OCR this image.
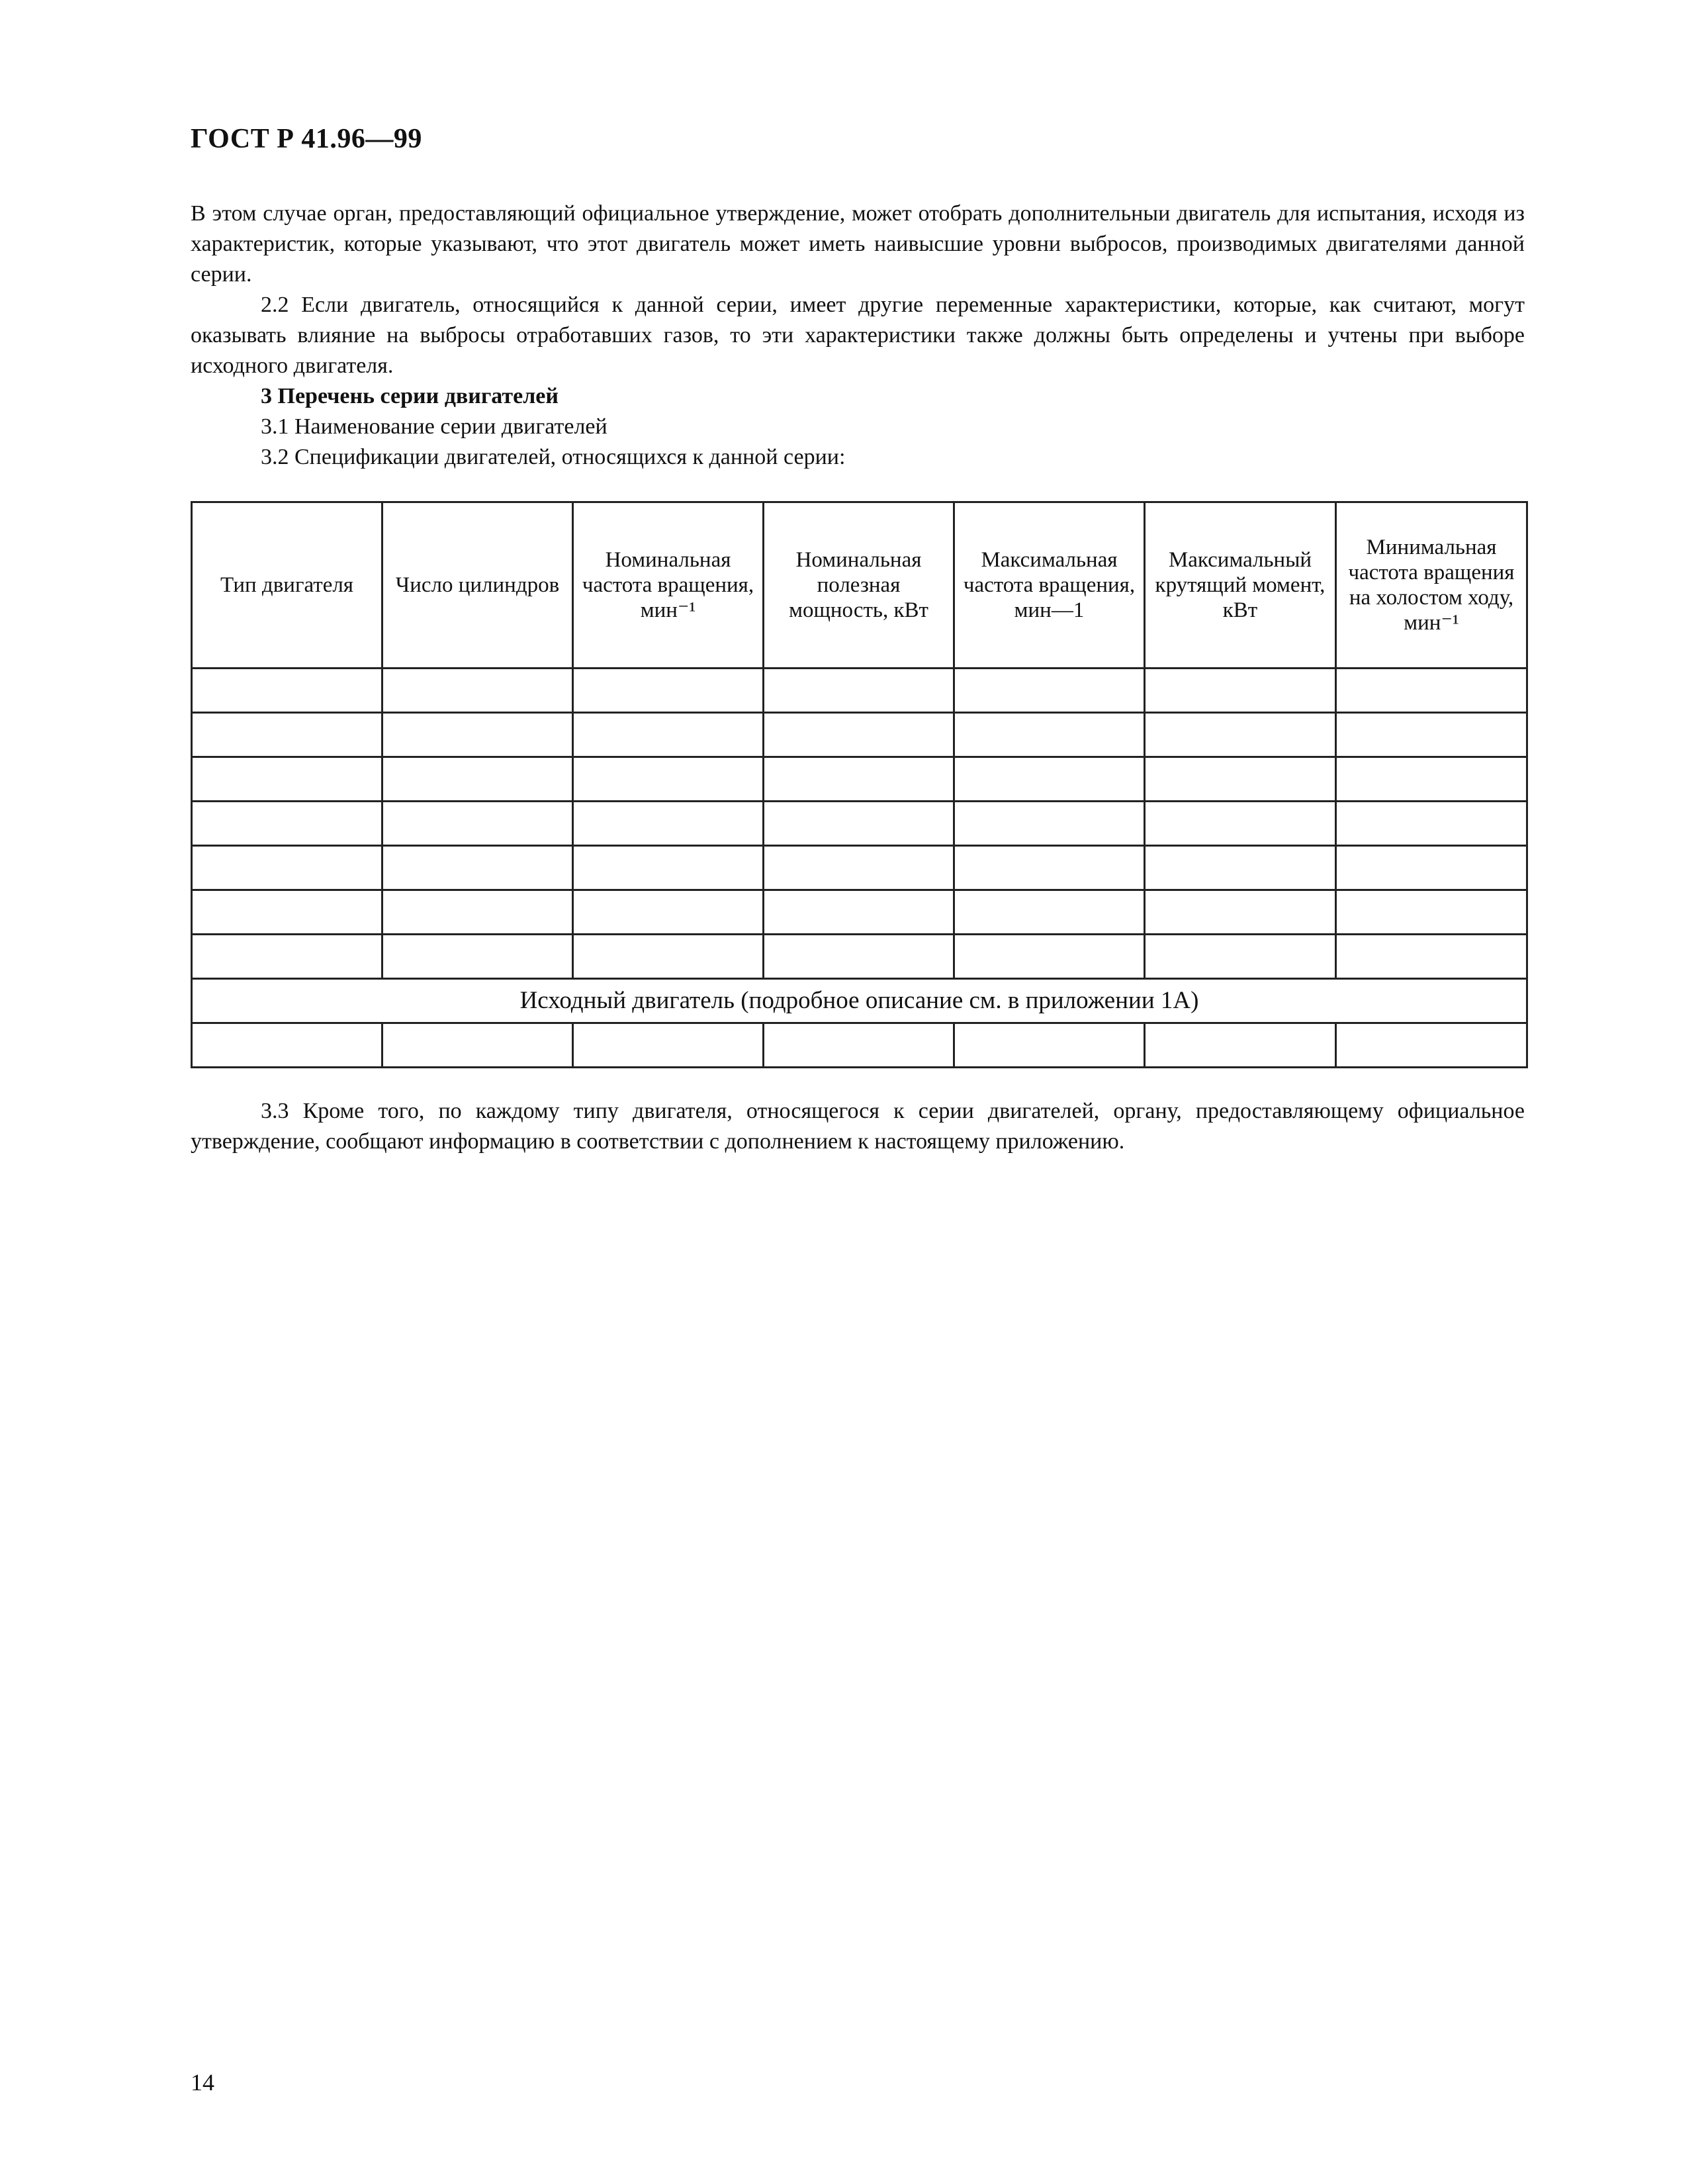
ГОСТ Р 41.96—99

В этом случае орган, предоставляющий официальное утверждение, может отобрать дополнительныи двигатель для испытания, исходя из характеристик, которые указывают, что этот двигатель может иметь наивысшие уровни выбросов, производимых двигателями данной серии.

2.2 Если двигатель, относящийся к данной серии, имеет другие переменные характеристики, которые, как считают, могут оказывать влияние на выбросы отработавших газов, то эти характеристики также должны быть определены и учтены при выборе исходного двигателя.

3 Перечень серии двигателей

3.1 Наименование серии двигателей

3.2 Спецификации двигателей, относящихся к данной серии:

Тип двигателя	Число цилиндров	Номинальная частота вращения, мин⁻¹	Номинальная полезная мощность, кВт	Максимальная частота вращения, мин—1	Максимальный крутящий момент, кВт	Минимальная частота вращения на холостом ходу, мин⁻¹

Исходный двигатель (подробное описание см. в приложении 1А)						

3.3 Кроме того, по каждому типу двигателя, относящегося к серии двигателей, органу, предоставляющему официальное утверждение, сообщают информацию в соответствии с дополнением к настоящему приложению.

14
